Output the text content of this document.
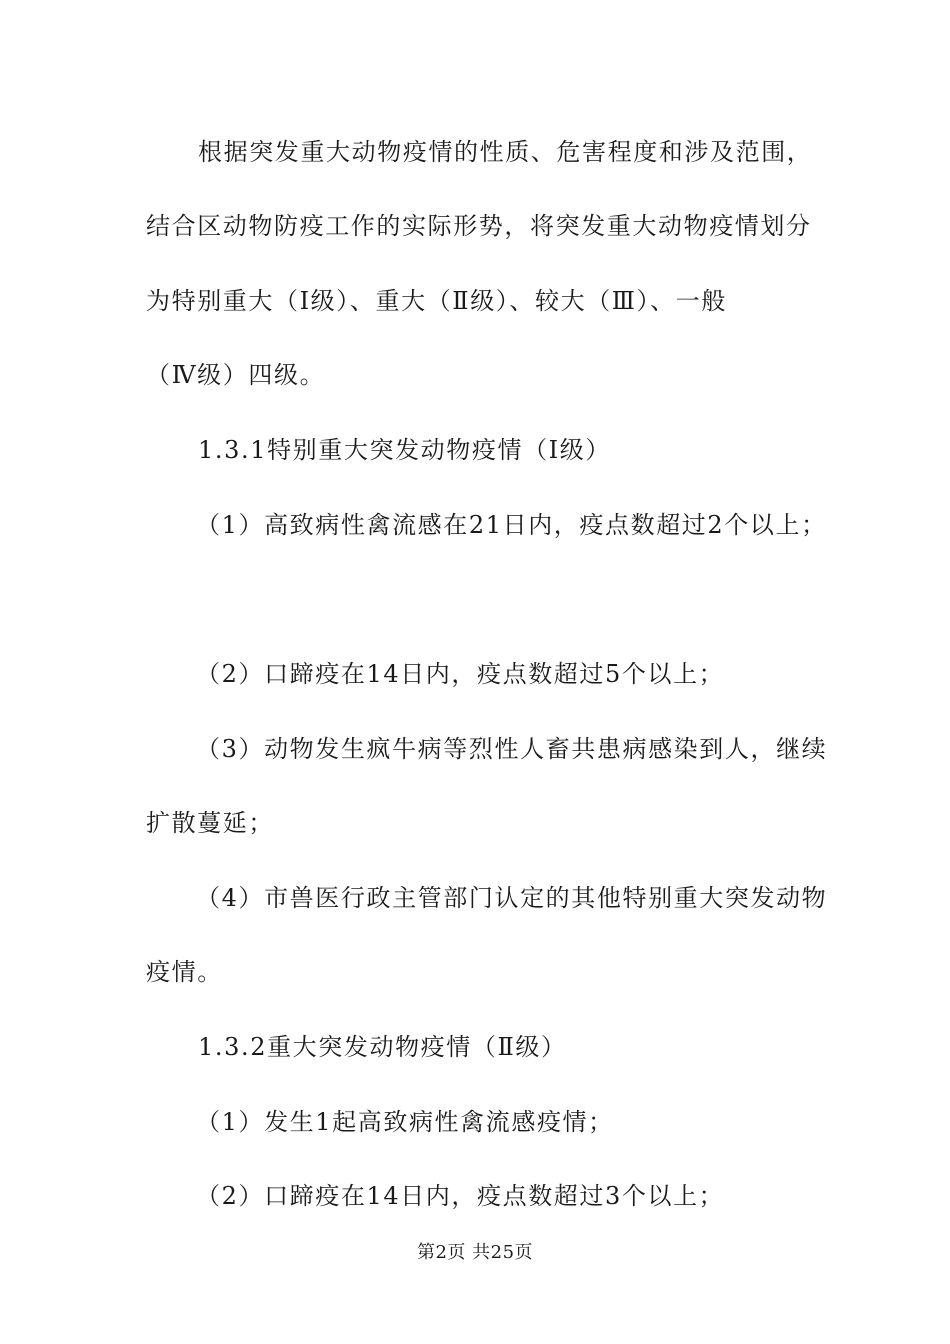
根据突发重大动物疫情的性质、危害程度和涉及范围，
结合区动物防疫工作的实际形势，将突发重大动物疫情划分
为特别重大（Ⅰ级）、重大（Ⅱ级）、较大（Ⅲ）、一般
（Ⅳ级）四级。
1.3.1特别重大突发动物疫情（Ⅰ级）
（1）高致病性禽流感在21日内，疫点数超过2个以上；
（2）口蹄疫在14日内，疫点数超过5个以上；
（3）动物发生疯牛病等烈性人畜共患病感染到人，继续
扩散蔓延；
（4）市兽医行政主管部门认定的其他特别重大突发动物
疫情。
1.3.2重大突发动物疫情（Ⅱ级）
（1）发生1起高致病性禽流感疫情；
（2）口蹄疫在14日内，疫点数超过3个以上；
第2页 共25页
